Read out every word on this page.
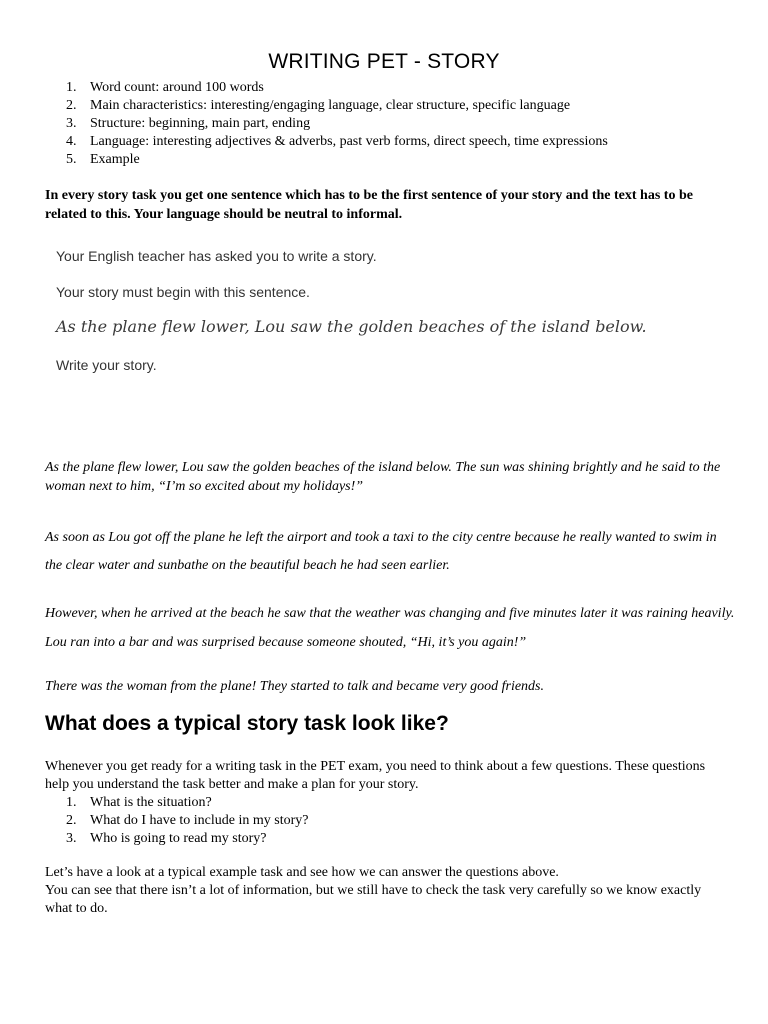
WRITING PET - STORY
1. Word count: around 100 words
2. Main characteristics: interesting/engaging language, clear structure, specific language
3. Structure: beginning, main part, ending
4. Language: interesting adjectives & adverbs, past verb forms, direct speech, time expressions
5. Example
In every story task you get one sentence which has to be the first sentence of your story and the text has to be related to this. Your language should be neutral to informal.
Your English teacher has asked you to write a story.
Your story must begin with this sentence.
As the plane flew lower, Lou saw the golden beaches of the island below.
Write your story.
As the plane flew lower, Lou saw the golden beaches of the island below. The sun was shining brightly and he said to the woman next to him, “I’m so excited about my holidays!”
As soon as Lou got off the plane he left the airport and took a taxi to the city centre because he really wanted to swim in the clear water and sunbathe on the beautiful beach he had seen earlier.
However, when he arrived at the beach he saw that the weather was changing and five minutes later it was raining heavily. Lou ran into a bar and was surprised because someone shouted, “Hi, it’s you again!”
There was the woman from the plane! They started to talk and became very good friends.
What does a typical story task look like?
Whenever you get ready for a writing task in the PET exam, you need to think about a few questions. These questions help you understand the task better and make a plan for your story.
1. What is the situation?
2. What do I have to include in my story?
3. Who is going to read my story?
Let’s have a look at a typical example task and see how we can answer the questions above.
You can see that there isn’t a lot of information, but we still have to check the task very carefully so we know exactly what to do.
